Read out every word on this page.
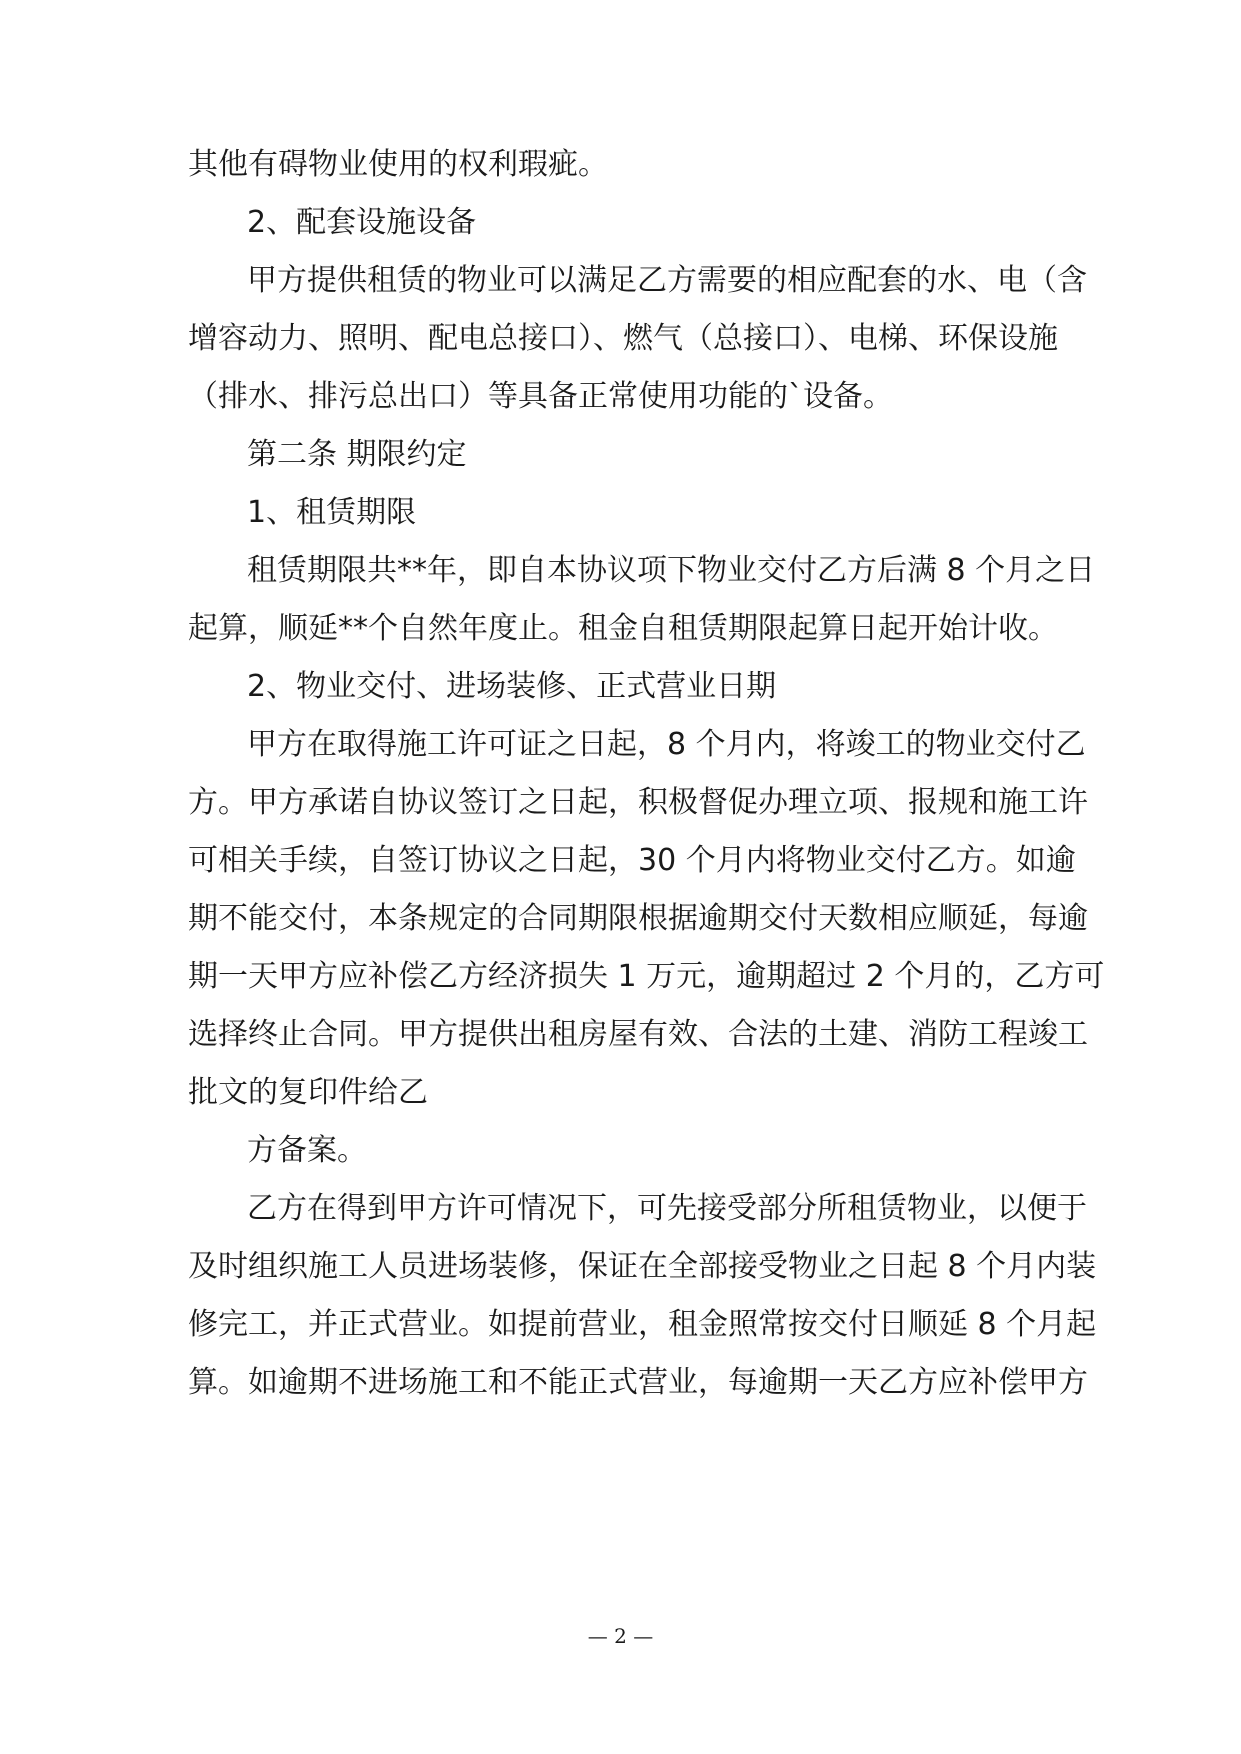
其他有碍物业使用的权利瑕疵。
2、配套设施设备
甲方提供租赁的物业可以满足乙方需要的相应配套的水、电（含
增容动力、照明、配电总接口）、燃气（总接口）、电梯、环保设施
（排水、排污总出口）等具备正常使用功能的`设备。
第二条 期限约定
1、租赁期限
租赁期限共**年，即自本协议项下物业交付乙方后满 8 个月之日
起算，顺延**个自然年度止。租金自租赁期限起算日起开始计收。
2、物业交付、进场装修、正式营业日期
甲方在取得施工许可证之日起，8 个月内，将竣工的物业交付乙
方。甲方承诺自协议签订之日起，积极督促办理立项、报规和施工许
可相关手续，自签订协议之日起，30 个月内将物业交付乙方。如逾
期不能交付，本条规定的合同期限根据逾期交付天数相应顺延，每逾
期一天甲方应补偿乙方经济损失 1 万元，逾期超过 2 个月的，乙方可
选择终止合同。甲方提供出租房屋有效、合法的土建、消防工程竣工
批文的复印件给乙
方备案。
乙方在得到甲方许可情况下，可先接受部分所租赁物业，以便于
及时组织施工人员进场装修，保证在全部接受物业之日起 8 个月内装
修完工，并正式营业。如提前营业，租金照常按交付日顺延 8 个月起
算。如逾期不进场施工和不能正式营业，每逾期一天乙方应补偿甲方
— 2 —
